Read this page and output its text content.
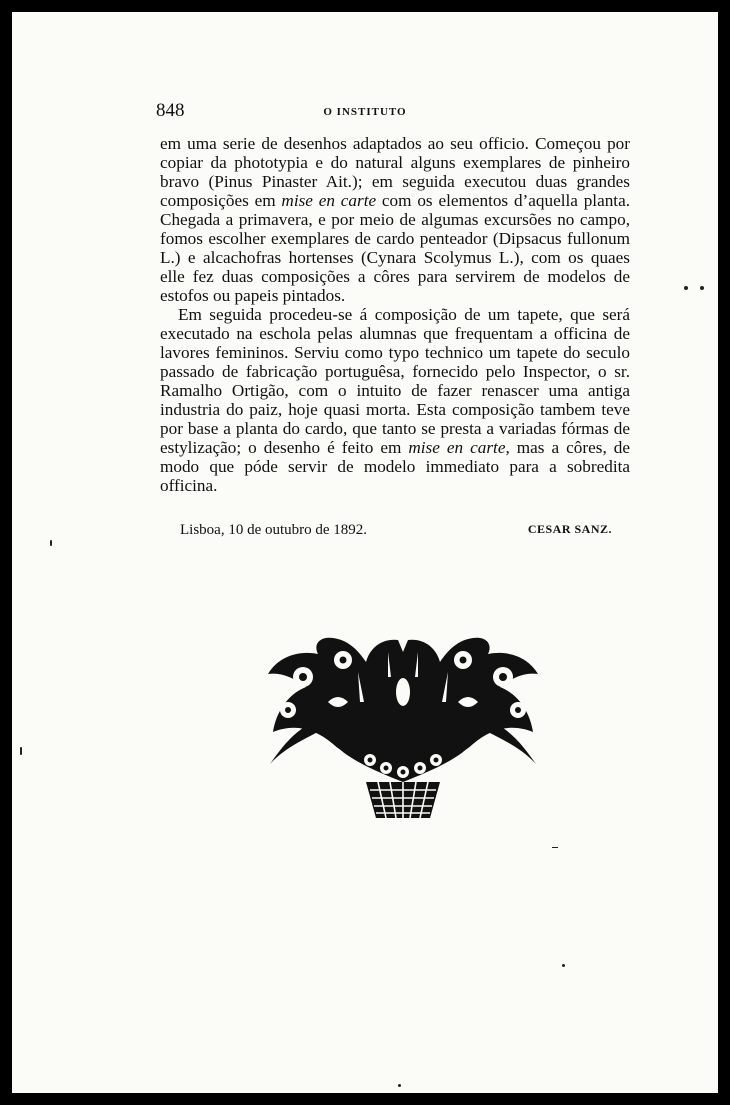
848	O INSTITUTO

em uma serie de desenhos adaptados ao seu officio. Começou por copiar da phototypia e do natural alguns exemplares de pinheiro bravo (Pinus Pinaster Ait.); em seguida executou duas grandes composições em mise en carte com os elementos d’aquella planta. Chegada a primavera, e por meio de algumas excursões no campo, fomos escolher exemplares de cardo penteador (Dipsacus fullonum L.) e alcachofras hortenses (Cynara Scolymus L.), com os quaes elle fez duas composições a côres para servirem de modelos de estofos ou papeis pintados.

Em seguida procedeu-se á composição de um tapete, que será executado na eschola pelas alumnas que frequentam a officina de lavores femininos. Serviu como typo technico um tapete do seculo passado de fabricação portuguêsa, fornecido pelo Inspector, o sr. Ramalho Ortigão, com o intuito de fazer renascer uma antiga industria do paiz, hoje quasi morta. Esta composição tambem teve por base a planta do cardo, que tanto se presta a variadas fórmas de estylização; o desenho é feito em mise en carte, mas a côres, de modo que póde servir de modelo immediato para a sobredita officina.

Lisboa, 10 de outubro de 1892.	CESAR SANZ.
